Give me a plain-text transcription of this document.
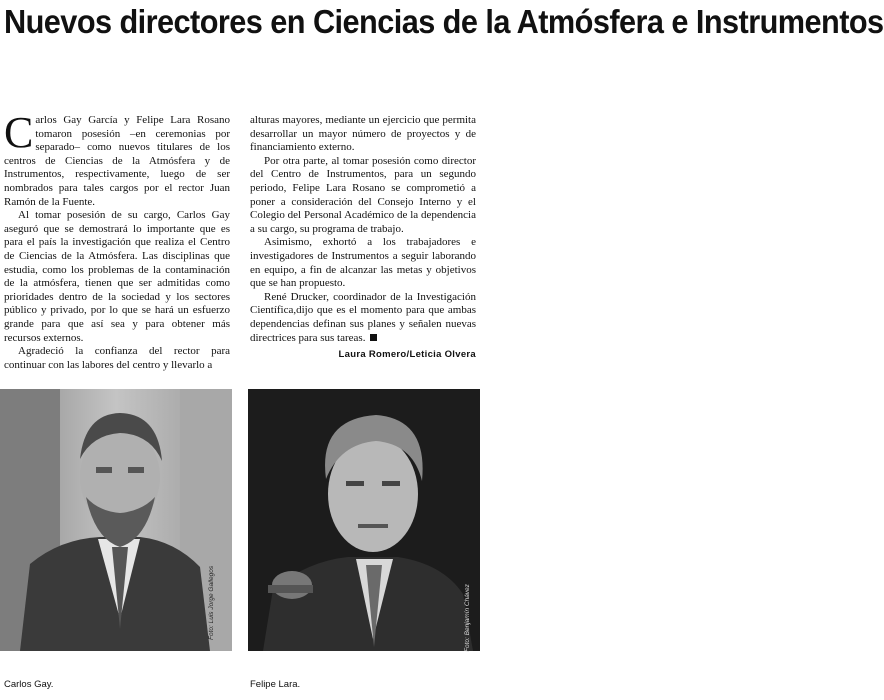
Nuevos directores en Ciencias de la Atmósfera e Instrumentos

Carlos Gay García y Felipe Lara Rosano tomaron posesión –en ceremonias por separado– como nuevos titulares de los centros de Ciencias de la Atmósfera y de Instrumentos, respectivamente, luego de ser nombrados para tales cargos por el rector Juan Ramón de la Fuente.

Al tomar posesión de su cargo, Carlos Gay aseguró que se demostrará lo importante que es para el país la investigación que realiza el Centro de Ciencias de la Atmósfera. Las disciplinas que estudia, como los problemas de la contaminación de la atmósfera, tienen que ser admitidas como prioridades dentro de la sociedad y los sectores público y privado, por lo que se hará un esfuerzo grande para que así sea y para obtener más recursos externos.

Agradeció la confianza del rector para continuar con las labores del centro y llevarlo a

alturas mayores, mediante un ejercicio que permita desarrollar un mayor número de proyectos y de financiamiento externo.

Por otra parte, al tomar posesión como director del Centro de Instrumentos, para un segundo periodo, Felipe Lara Rosano se comprometió a poner a consideración del Consejo Interno y el Colegio del Personal Académico de la dependencia a su cargo, su programa de trabajo.

Asimismo, exhortó a los trabajadores e investigadores de Instrumentos a seguir laborando en equipo, a fin de alcanzar las metas y objetivos que se han propuesto.

René Drucker, coordinador de la Investigación Científica,dijo que es el momento para que ambas dependencias definan sus planes y señalen nuevas directrices para sus tareas.

Laura Romero/Leticia Olvera
Foto: Luis Jorge Gallegos	Foto: Benjamín Chávez
Carlos Gay.	Felipe Lara.
